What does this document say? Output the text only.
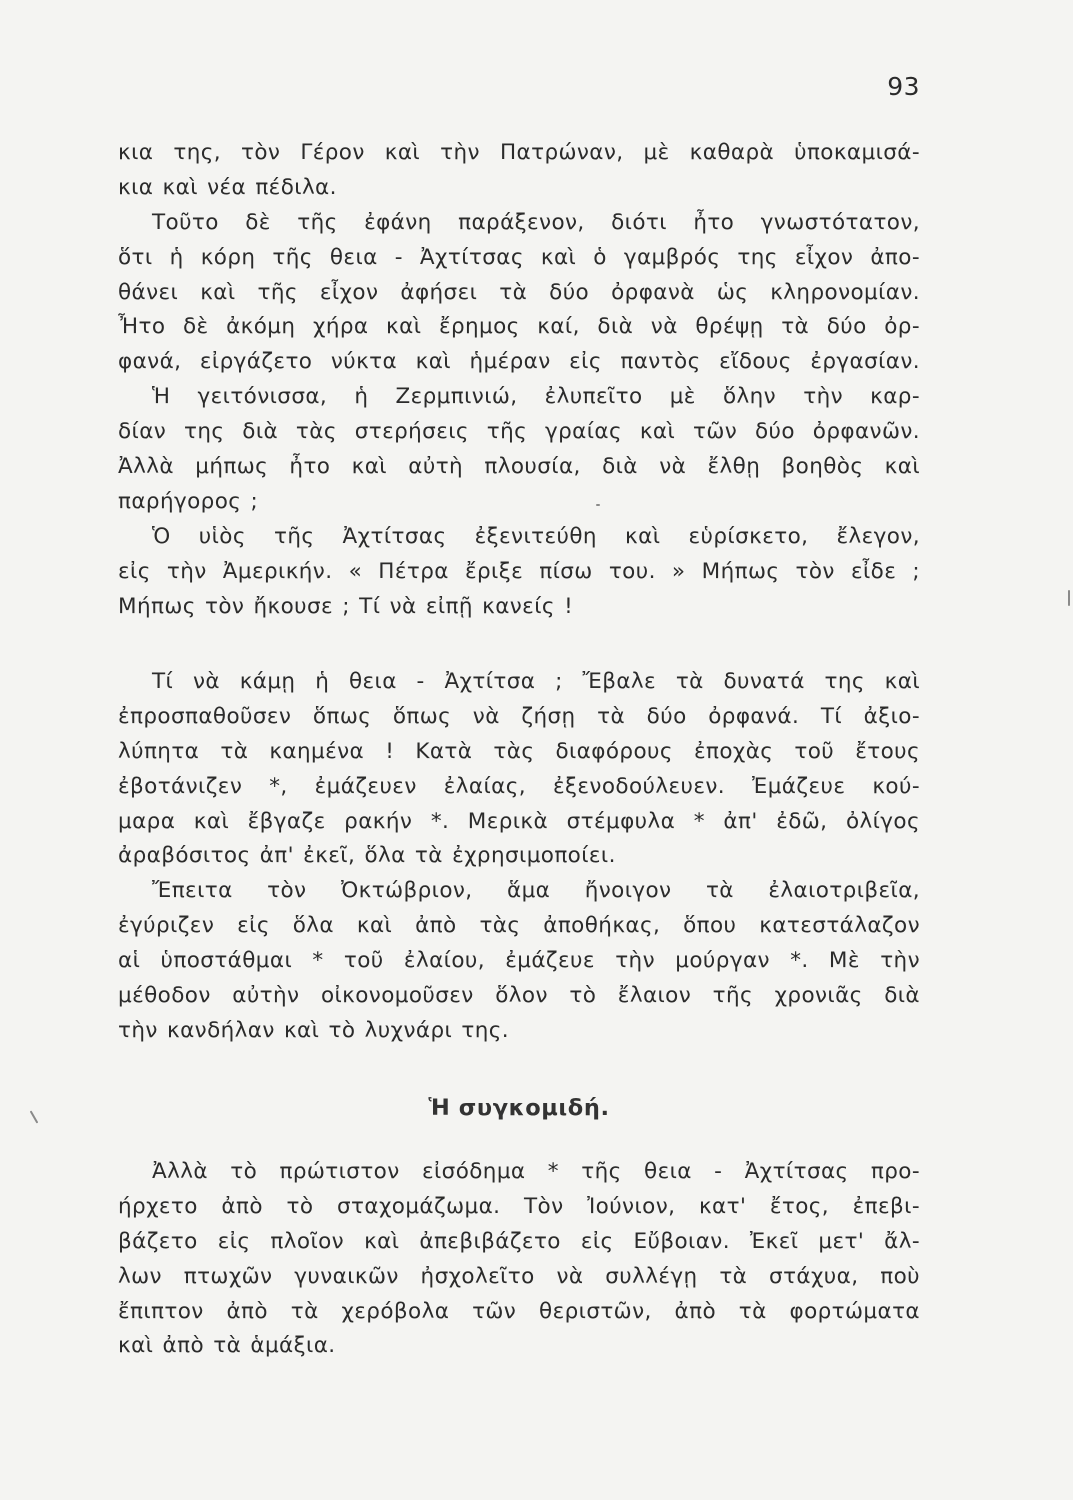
93
κια της, τὸν Γέρον καὶ τὴν Πατρώναν, μὲ καθαρὰ ὑποκαμισά-
κια καὶ νέα πέδιλα.
Τοῦτο δὲ τῆς ἐφάνη παράξενον, διότι ἦτο γνωστότατον,
ὅτι ἡ κόρη τῆς θεια - Ἀχτίτσας καὶ ὁ γαμβρός της εἶχον ἀπο-
θάνει καὶ τῆς εἶχον ἀφήσει τὰ δύο ὀρφανὰ ὡς κληρονομίαν.
Ἦτο δὲ ἀκόμη χήρα καὶ ἔρημος καί, διὰ νὰ θρέψῃ τὰ δύο ὀρ-
φανά, εἰργάζετο νύκτα καὶ ἡμέραν εἰς παντὸς εἴδους ἐργασίαν.
Ἡ γειτόνισσα, ἡ Ζερμπινιώ, ἐλυπεῖτο μὲ ὅλην τὴν καρ-
δίαν της διὰ τὰς στερήσεις τῆς γραίας καὶ τῶν δύο ὀρφανῶν.
Ἀλλὰ μήπως ἦτο καὶ αὐτὴ πλουσία, διὰ νὰ ἔλθῃ βοηθὸς καὶ
παρήγορος ;
Ὁ υἱὸς τῆς Ἀχτίτσας ἐξενιτεύθη καὶ εὑρίσκετο, ἔλεγον,
εἰς τὴν Ἀμερικήν. « Πέτρα ἔριξε πίσω του. » Μήπως τὸν εἶδε ;
Μήπως τὸν ἤκουσε ; Τί νὰ εἰπῇ κανείς !
Τί νὰ κάμῃ ἡ θεια - Ἀχτίτσα ; Ἔβαλε τὰ δυνατά της καὶ
ἐπροσπαθοῦσεν ὅπως ὅπως νὰ ζήσῃ τὰ δύο ὀρφανά. Τί ἀξιο-
λύπητα τὰ καημένα ! Κατὰ τὰς διαφόρους ἐποχὰς τοῦ ἔτους
ἐβοτάνιζεν *, ἐμάζευεν ἐλαίας, ἐξενοδούλευεν. Ἐμάζευε κού-
μαρα καὶ ἔβγαζε ρακήν *. Μερικὰ στέμφυλα * ἀπ' ἐδῶ, ὀλίγος
ἀραβόσιτος ἀπ' ἐκεῖ, ὅλα τὰ ἐχρησιμοποίει.
Ἔπειτα τὸν Ὀκτώβριον, ἅμα ἤνοιγον τὰ ἐλαιοτριβεῖα,
ἐγύριζεν εἰς ὅλα καὶ ἀπὸ τὰς ἀποθήκας, ὅπου κατεστάλαζον
αἱ ὑποστάθμαι * τοῦ ἐλαίου, ἐμάζευε τὴν μούργαν *. Μὲ τὴν
μέθοδον αὐτὴν οἰκονομοῦσεν ὅλον τὸ ἔλαιον τῆς χρονιᾶς διὰ
τὴν κανδήλαν καὶ τὸ λυχνάρι της.
Ἡ συγκομιδή.
Ἀλλὰ τὸ πρώτιστον εἰσόδημα * τῆς θεια - Ἀχτίτσας προ-
ήρχετο ἀπὸ τὸ σταχομάζωμα. Τὸν Ἰούνιον, κατ' ἔτος, ἐπεβι-
βάζετο εἰς πλοῖον καὶ ἀπεβιβάζετο εἰς Εὔβοιαν. Ἐκεῖ μετ' ἄλ-
λων πτωχῶν γυναικῶν ἠσχολεῖτο νὰ συλλέγῃ τὰ στάχυα, ποὺ
ἔπιπτον ἀπὸ τὰ χερόβολα τῶν θεριστῶν, ἀπὸ τὰ φορτώματα
καὶ ἀπὸ τὰ ἁμάξια.
